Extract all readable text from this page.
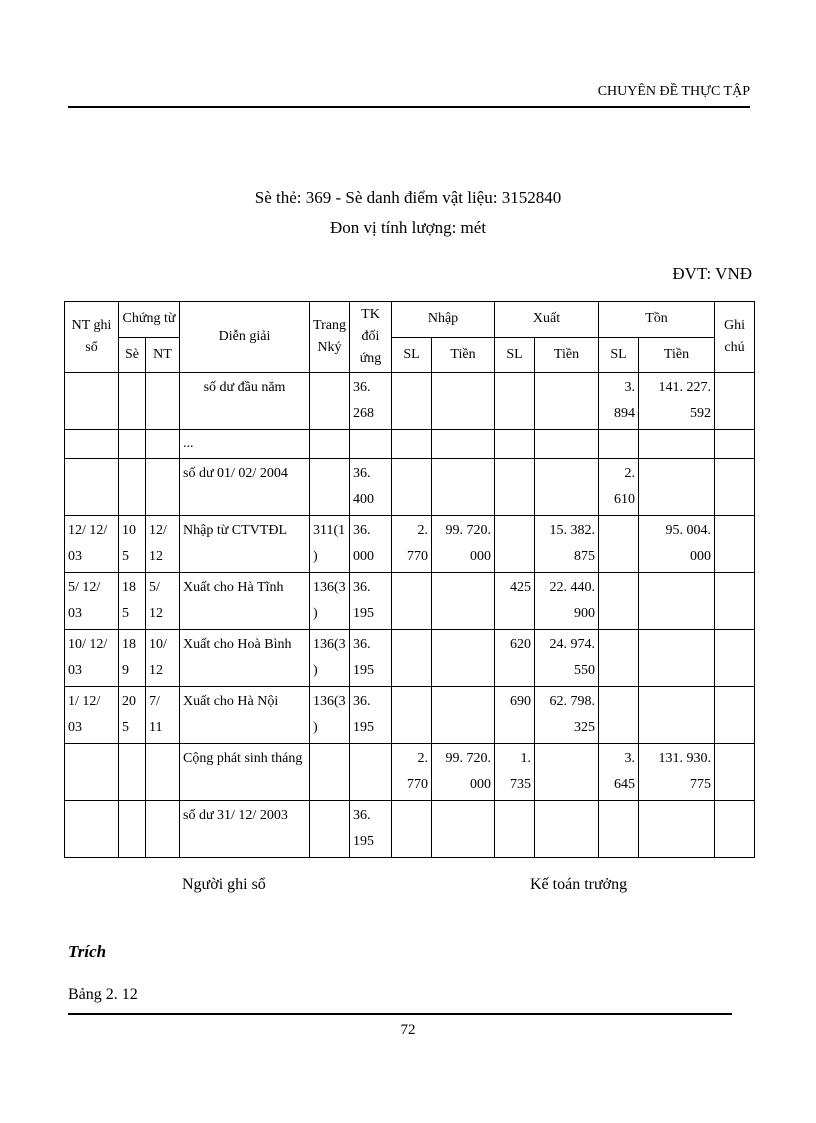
CHUYÊN ĐỀ THỰC TẬP
Sè thẻ: 369 - Sè danh điểm vật liệu: 3152840
Đon vị tính lượng: mét
ĐVT: VNĐ
NT ghi sổ	Chứng từ		Diễn giải	Trang Nký	TK đối ứng	Nhập		Xuất		Tồn		Ghi chú
	Sè	NT				SL	Tiền	SL	Tiền	SL	Tiền	
			số dư đầu năm		36. 268					3. 894	141. 227. 592	
			...									
			số dư 01/ 02/ 2004		36. 400					2. 610		
12/ 12/ 03	105	12/ 12	Nhập từ CTVTĐL	311(1)	36. 000	2. 770	99. 720. 000		15. 382. 875		95. 004. 000	
5/ 12/ 03	185	5/ 12	Xuất cho Hà Tĩnh	136(3)	36. 195			425	22. 440. 900			
10/ 12/ 03	189	10/ 12	Xuất cho Hoà Bình	136(3)	36. 195			620	24. 974. 550			
1/ 12/ 03	205	7/ 11	Xuất cho Hà Nội	136(3)	36. 195			690	62. 798. 325			
			Cộng phát sinh tháng			2. 770	99. 720. 000	1. 735		3. 645	131. 930. 775	
			số dư 31/ 12/ 2003		36. 195							
Người ghi sổ	Kế toán trưởng
Trích
Bảng 2. 12
72
